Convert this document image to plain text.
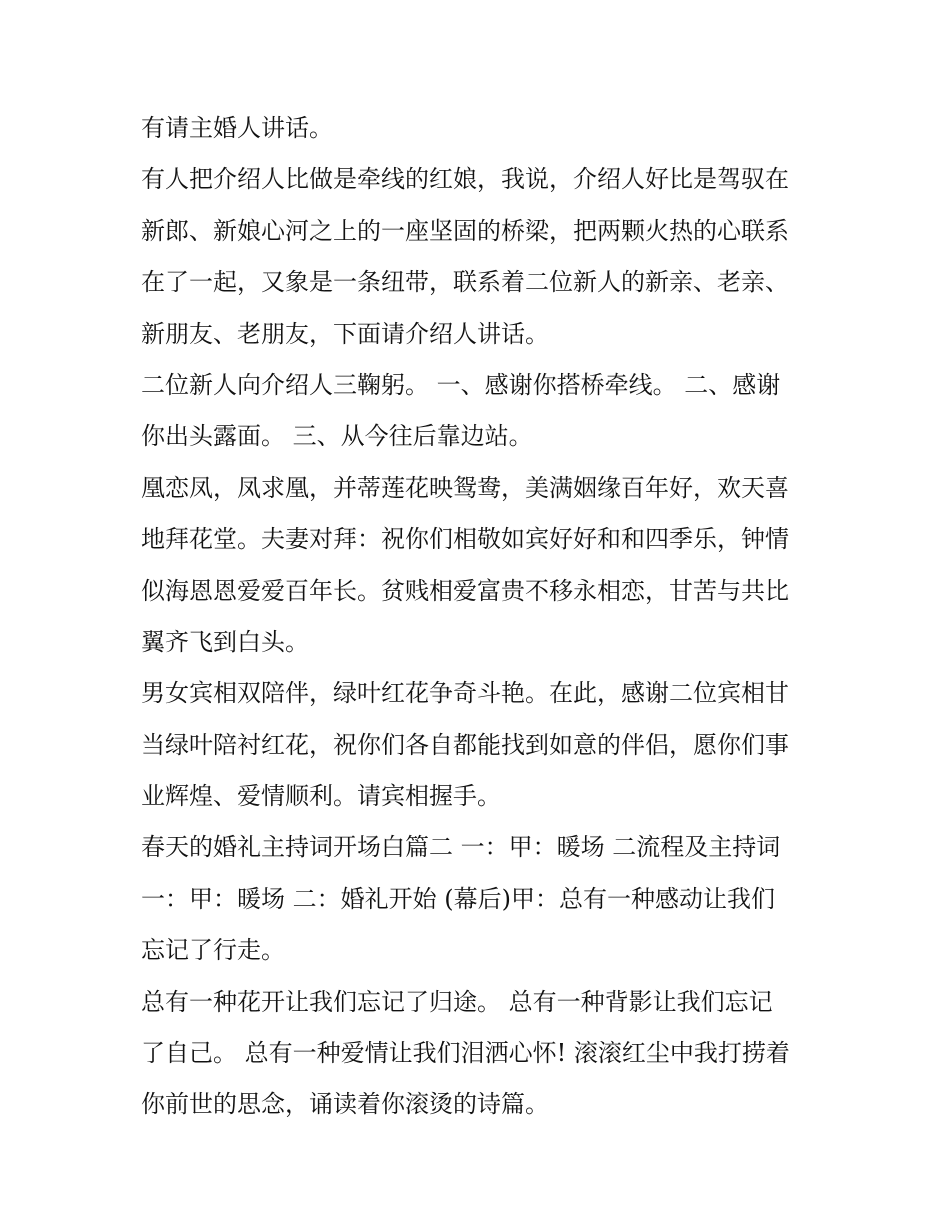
有请主婚人讲话。
有人把介绍人比做是牵线的红娘，我说，介绍人好比是驾驭在
新郎、新娘心河之上的一座坚固的桥梁，把两颗火热的心联系
在了一起，又象是一条纽带，联系着二位新人的新亲、老亲、
新朋友、老朋友，下面请介绍人讲话。
二位新人向介绍人三鞠躬。 一、感谢你搭桥牵线。 二、感谢
你出头露面。 三、从今往后靠边站。
凰恋凤，凤求凰，并蒂莲花映鸳鸯，美满姻缘百年好，欢天喜
地拜花堂。夫妻对拜：祝你们相敬如宾好好和和四季乐，钟情
似海恩恩爱爱百年长。贫贱相爱富贵不移永相恋，甘苦与共比
翼齐飞到白头。
男女宾相双陪伴，绿叶红花争奇斗艳。在此，感谢二位宾相甘
当绿叶陪衬红花，祝你们各自都能找到如意的伴侣，愿你们事
业辉煌、爱情顺利。请宾相握手。
春天的婚礼主持词开场白篇二 一：甲：暖场 二流程及主持词
一：甲：暖场 二：婚礼开始 (幕后)甲：总有一种感动让我们
忘记了行走。
总有一种花开让我们忘记了归途。 总有一种背影让我们忘记
了自己。 总有一种爱情让我们泪洒心怀! 滚滚红尘中我打捞着
你前世的思念，诵读着你滚烫的诗篇。
